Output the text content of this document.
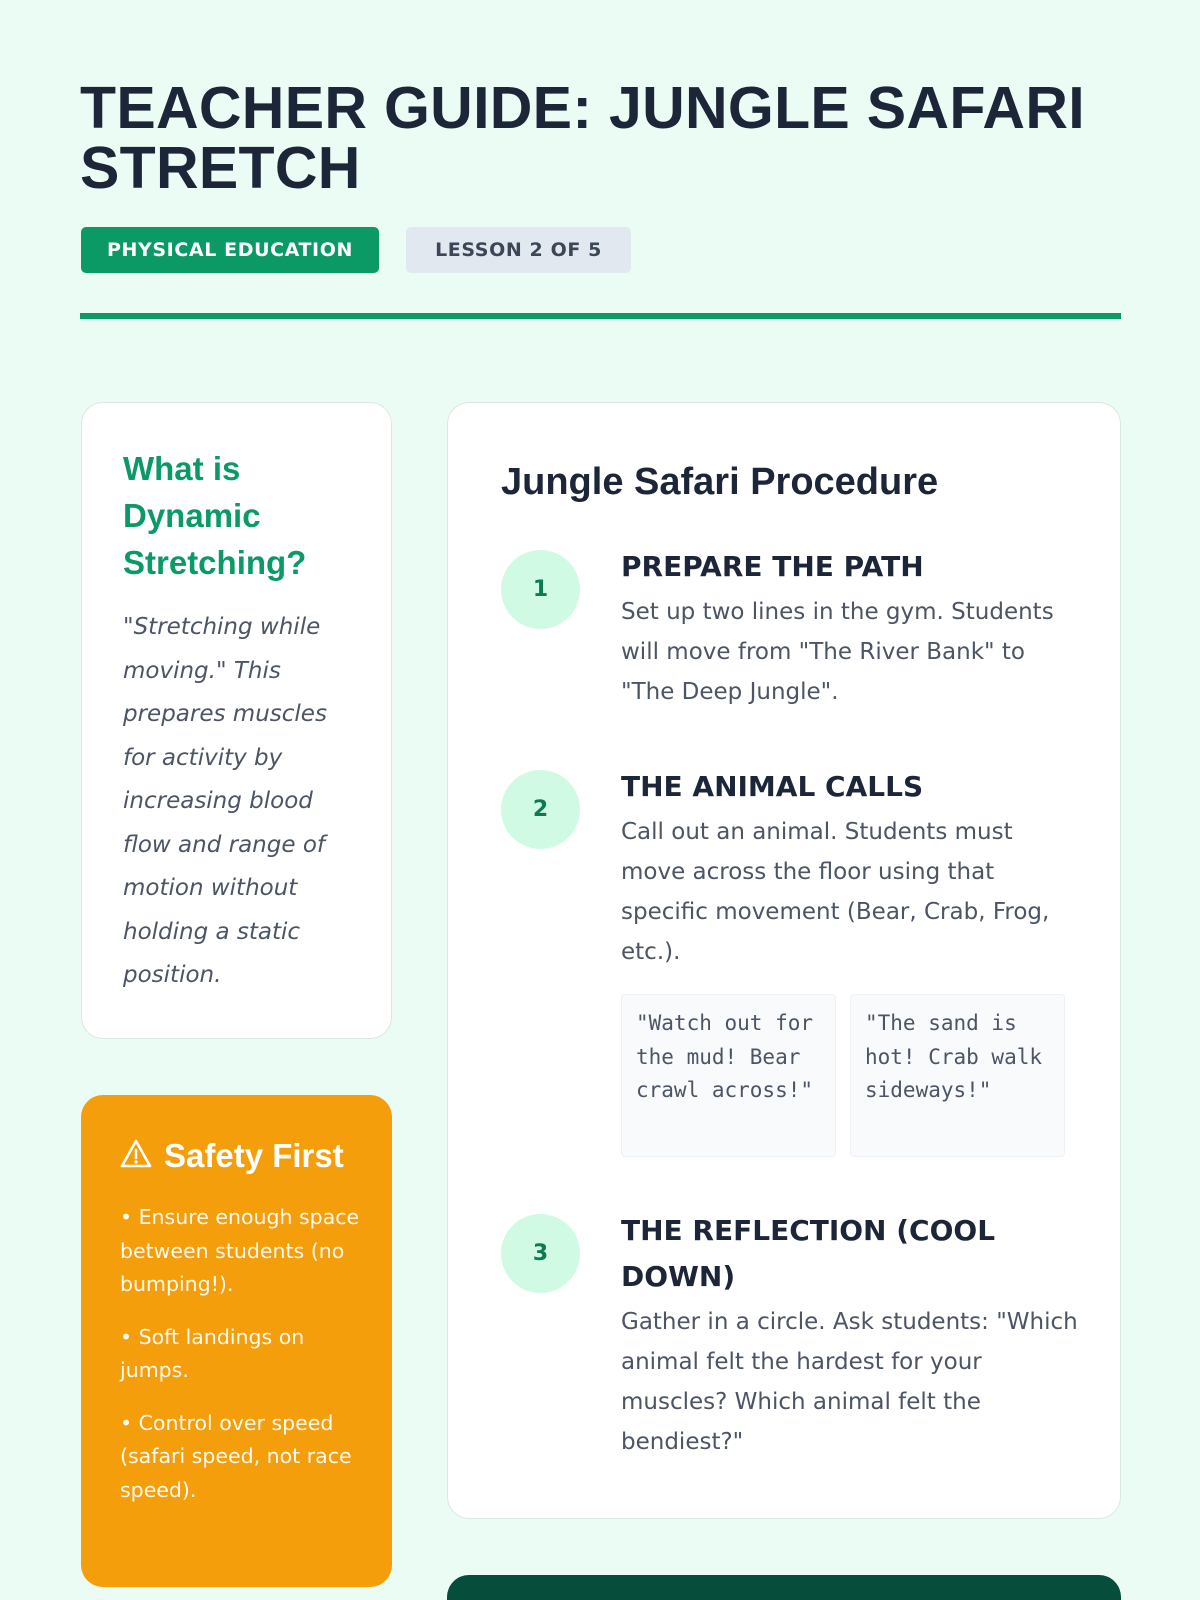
TEACHER GUIDE: JUNGLE SAFARI STRETCH
PHYSICAL EDUCATION	LESSON 2 OF 5
What is Dynamic Stretching?

"Stretching while moving." This prepares muscles for activity by increasing blood flow and range of motion without holding a static position.

Safety First
• Ensure enough space between students (no bumping!).
• Soft landings on jumps.
• Control over speed (safari speed, not race speed).
Jungle Safari Procedure
1
PREPARE THE PATH

Set up two lines in the gym. Students will move from "The River Bank" to "The Deep Jungle".

2
THE ANIMAL CALLS

Call out an animal. Students must move across the floor using that specific movement (Bear, Crab, Frog, etc.).

"Watch out for the mud! Bear crawl across!"
"The sand is hot! Crab walk sideways!"
3
THE REFLECTION (COOL DOWN)

Gather in a circle. Ask students: "Which animal felt the hardest for your muscles? Which animal felt the bendiest?"
